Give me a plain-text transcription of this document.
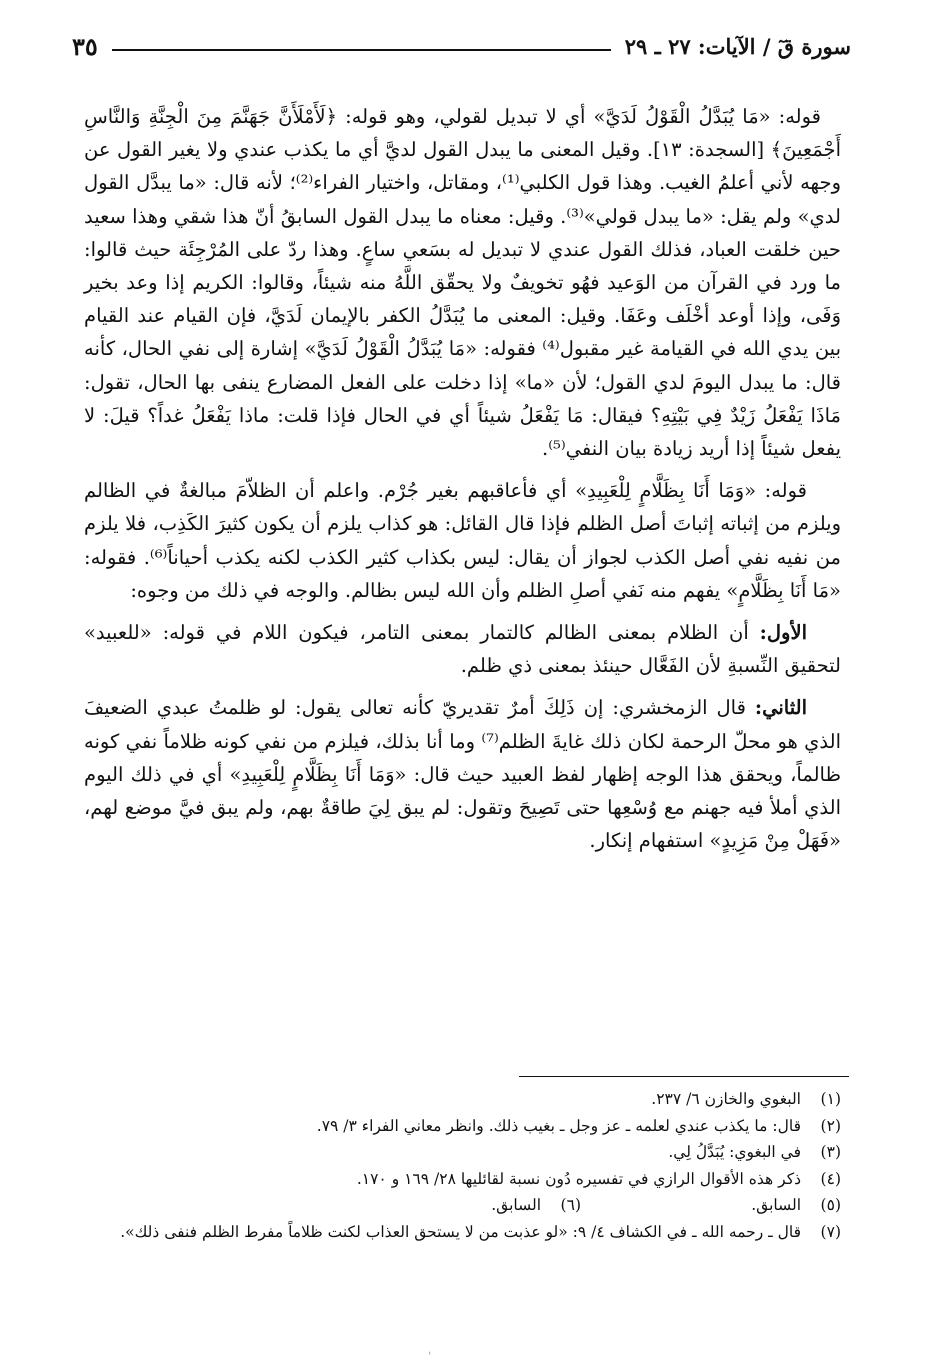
سورة قٓ / الآيات: ٢٧ ـ ٢٩
٣٥

قوله: «مَا يُبَدَّلُ الْقَوْلُ لَدَيَّ» أي لا تبديل لقولي، وهو قوله: ﴿لَأَمْلَأَنَّ جَهَنَّمَ مِنَ الْجِنَّةِ وَالنَّاسِ أَجْمَعِينَ﴾ [السجدة: ١٣]. وقيل المعنى ما يبدل القول لديَّ أي ما يكذب عندي ولا يغير القول عن وجهه لأني أعلمُ الغيب. وهذا قول الكلبي⁽¹⁾، ومقاتل، واختيار الفراء⁽²⁾؛ لأنه قال: «ما يبدَّل القول لدي» ولم يقل: «ما يبدل قولي»⁽³⁾. وقيل: معناه ما يبدل القول السابقُ أنّ هذا شقي وهذا سعيد حين خلقت العباد، فذلك القول عندي لا تبديل له بسَعي ساعٍ. وهذا ردّ على المُرْجِئَة حيث قالوا: ما ورد في القرآن من الوَعيد فهُو تخويفٌ ولا يحقّق اللَّهُ منه شيئاً، وقالوا: الكريم إذا وعد بخير وَفَى، وإذا أوعد أخْلَف وعَفَا. وقيل: المعنى ما يُبَدَّلُ الكفر بالإيمان لَدَيَّ، فإن القيام عند القيام بين يدي الله في القيامة غير مقبول⁽⁴⁾ فقوله: «مَا يُبَدَّلُ الْقَوْلُ لَدَيَّ» إشارة إلى نفي الحال، كأنه قال: ما يبدل اليومَ لدي القول؛ لأن «ما» إذا دخلت على الفعل المضارع ينفى بها الحال، تقول: مَاذَا يَفْعَلُ زَيْدٌ فِي بَيْتِهِ؟ فيقال: مَا يَفْعَلُ شيئاً أي في الحال فإذا قلت: ماذا يَفْعَلُ غداً؟ قيلَ: لا يفعل شيئاً إذا أريد زيادة بيان النفي⁽⁵⁾.

قوله: «وَمَا أَنَا بِظَلَّامٍ لِلْعَبِيدِ» أي فأعاقبهم بغير جُرْم. واعلم أن الظلاّمَ مبالغةٌ في الظالم ويلزم من إثباته إثباتَ أصل الظلم فإذا قال القائل: هو كذاب يلزم أن يكون كثيرَ الكَذِب، فلا يلزم من نفيه نفي أصل الكذب لجواز أن يقال: ليس بكذاب كثير الكذب لكنه يكذب أحياناً⁽⁶⁾. فقوله: «مَا أَنَا بِظَلَّامٍ» يفهم منه نَفي أصلِ الظلم وأن الله ليس بظالم. والوجه في ذلك من وجوه:

الأول: أن الظلام بمعنى الظالم كالتمار بمعنى التامر، فيكون اللام في قوله: «للعبيد» لتحقيق النِّسبةِ لأن الفَعَّال حينئذ بمعنى ذي ظلم.

الثاني: قال الزمخشري: إن ذَلِكَ أمرٌ تقديريّ كأنه تعالى يقول: لو ظلمتُ عبدي الضعيفَ الذي هو محلّ الرحمة لكان ذلك غايةَ الظلم⁽⁷⁾ وما أنا بذلك، فيلزم من نفي كونه ظلاماً نفي كونه ظالماً، ويحقق هذا الوجه إظهار لفظ العبيد حيث قال: «وَمَا أَنَا بِظَلَّامٍ لِلْعَبِيدِ» أي في ذلك اليوم الذي أملأ فيه جهنم مع وُسْعِها حتى تَصِيحَ وتقول: لم يبق لِيَ طاقةٌ بهم، ولم يبق فيَّ موضع لهم، «فَهَلْ مِنْ مَزِيدٍ» استفهام إنكار.

(١)
البغوي والخازن ٦/ ٢٣٧.
(٢)
قال: ما يكذب عندي لعلمه ـ عز وجل ـ بغيب ذلك. وانظر معاني الفراء ٣/ ٧٩.
(٣)
في البغوي: يُبَدَّلُ لِي.
(٤)
ذكر هذه الأقوال الرازي في تفسيره دُون نسبة لقائليها ٢٨/ ١٦٩ و ١٧٠.
(٥)
السابق.
(٦)
السابق.
(٧)
قال ـ رحمه الله ـ في الكشاف ٤/ ٩: «لو عذبت من لا يستحق العذاب لكنت ظلاماً مفرط الظلم فنفى ذلك».
ˈ
